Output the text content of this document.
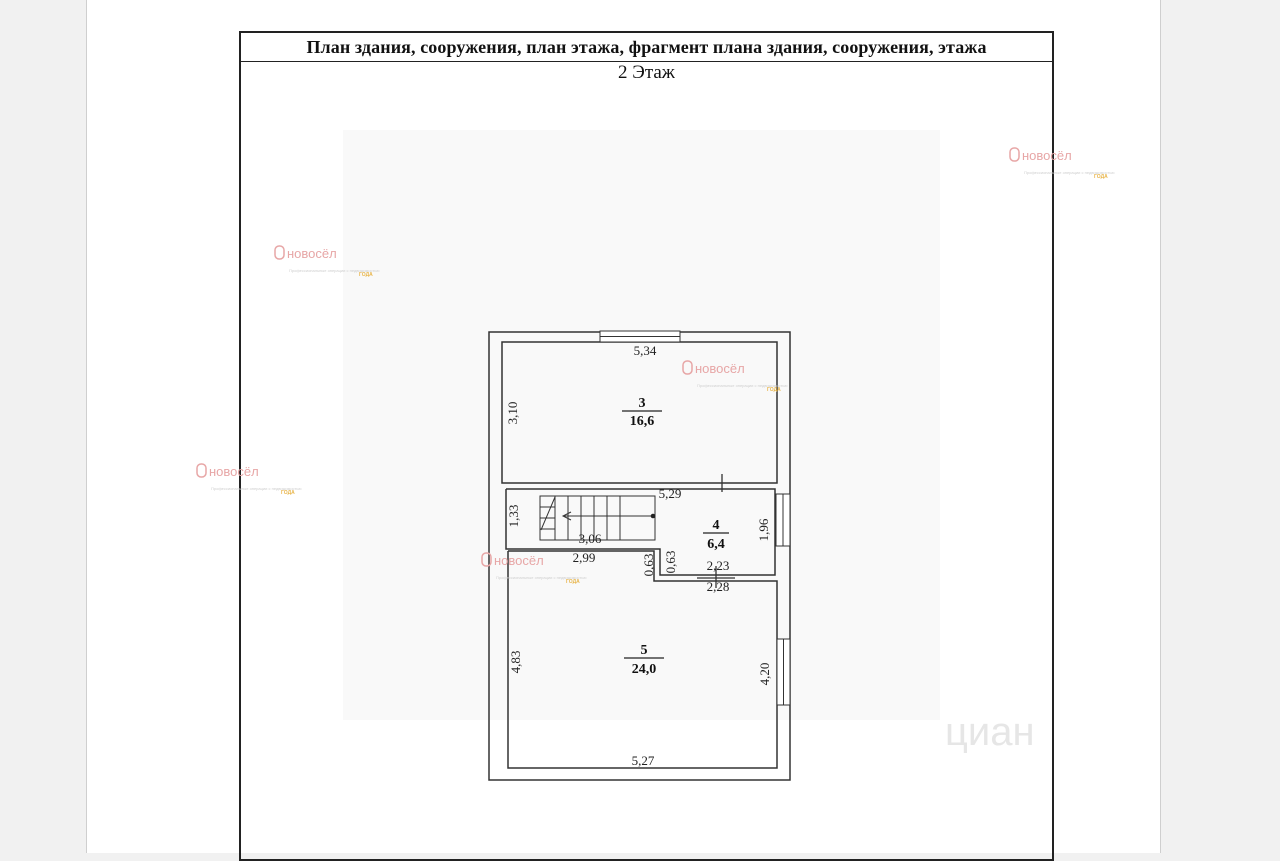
План здания, сооружения, план этажа, фрагмент плана здания, сооружения, этажа
2 Этаж
3
16,6
4
6,4
5
24,0
5,34
3,10
5,29
1,33
1,96
3,06
2,99	0,63 0,63 2,23
2,28
4,83
4,20
5,27
новосёл
Профессиональные операции с недвижимостью
ГОДА
новосёл
Профессиональные операции с недвижимостью
ГОДА
новосёл
Профессиональные операции с недвижимостью
ГОДА
новосёл
Профессиональные операции с недвижимостью
ГОДА
новосёл
Профессиональные операции с недвижимостью
ГОДА
циан
